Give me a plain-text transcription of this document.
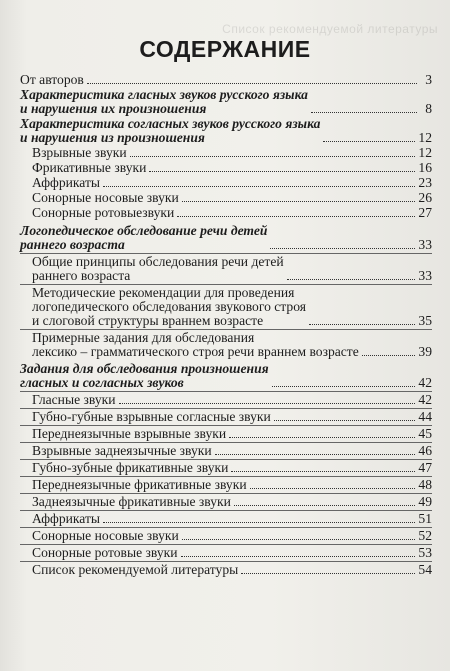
Список рекомендуемой литературы
СОДЕРЖАНИЕ
От авторов	3
Характеристика гласных звуков русского языка
и нарушения их произношения	8
Характеристика согласных звуков русского языка
и нарушения из произношения	12
Взрывные звуки	12
Фрикативные звуки	16
Аффрикаты	23
Сонорные носовые звуки	26
Сонорные ротовыезвуки	27
Логопедическое обследование речи детей
раннего возраста	33
Общие принципы обследования речи детей
раннего возраста	33
Методические рекомендации для проведения
логопедического обследования звукового строя
и слоговой структуры враннем возрасте	35
Примерные задания для обследования
лексико – грамматического строя речи враннем возрасте	39
Задания для обследования произношения
гласных и согласных звуков	42
Гласные звуки	42
Губно-губные взрывные согласные звуки	44
Переднеязычные взрывные звуки	45
Взрывные заднеязычные звуки	46
Губно-зубные фрикативные звуки	47
Переднеязычные фрикативные звуки	48
Заднеязычные фрикативные звуки	49
Аффрикаты	51
Сонорные носовые звуки	52
Сонорные ротовые звуки	53
Список рекомендуемой литературы	54
